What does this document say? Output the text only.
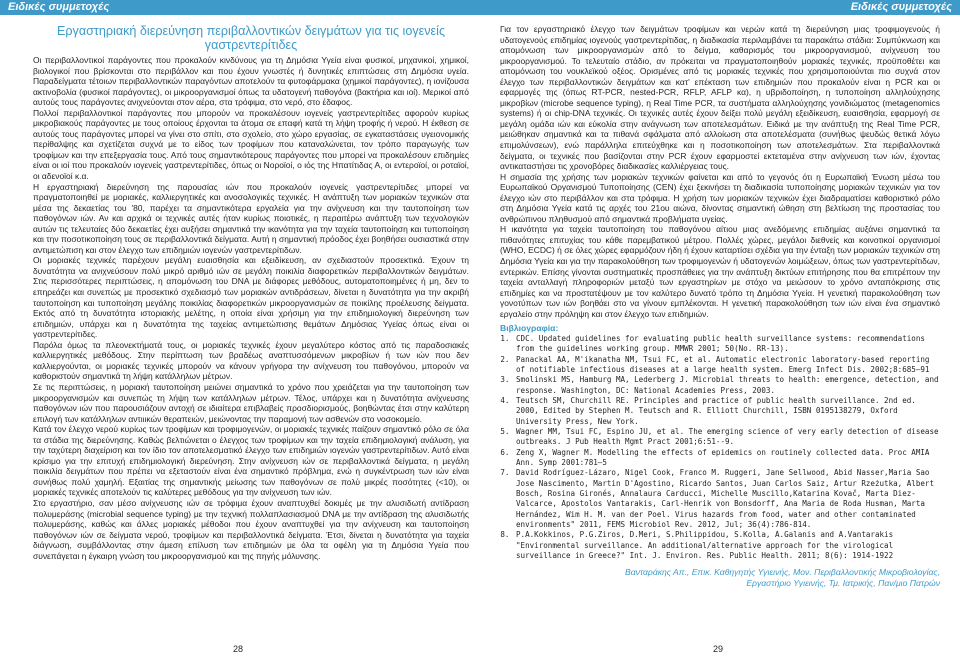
Ειδικές συμμετοχές	Ειδικές συμμετοχές
Εργαστηριακή διερεύνηση περιβαλλοντικών δειγμάτων για τις ιογενείς γαστρεντερίτιδες

Οι περιβαλλοντικοί παράγοντες που προκαλούν κινδύνους για τη Δημόσια Υγεία είναι φυσικοί, μηχανικοί, χημικοί, βιολογικοί που βρίσκονται στο περιβάλλον και που έχουν γνωστές ή δυνητικές επιπτώσεις στη Δημόσια υγεία. Παραδείγματα τέτοιων περιβαλλοντικών παραγόντων αποτελούν τα φυτοφάρμακα (χημικοί παράγοντες), η ιονίζουσα ακτινοβολία (φυσικοί παράγοντες), οι μικροοργανισμοί όπως τα υδατογενή παθογόνα (βακτήρια και ιοί). Μερικοί από αυτούς τους παράγοντες ανιχνεύονται στον αέρα, στα τρόφιμα, στο νερό, στο έδαφος.

Πολλοί περιβαλλοντικοί παράγοντες που μπορούν να προκαλέσουν ιογενείς γαστρεντερίτιδες αφορούν κυρίως μικροβιακούς παράγοντες με τους οποίους έρχονται τα άτομα σε επαφή κατά τη λήψη τροφής ή νερού. Η έκθεση σε αυτούς τους παράγοντες μπορεί να γίνει στο σπίτι, στο σχολείο, στο χώρο εργασίας, σε εγκαταστάσεις υγειονομικής περίθαλψης και σχετίζεται συχνά με το είδος των τροφίμων που καταναλώνεται, τον τρόπο παραγωγής των τροφίμων και την επεξεργασία τους. Από τους σημαντικότερους παράγοντες που μπορεί να προκαλέσουν επιδημίες είναι οι ιοί που προκαλούν ιογενείς γαστρεντερίτιδες, όπως οι Νοροϊοί, ο ιός της Ηπατίτιδας Α, οι εντεροϊοί, οι ροταϊοί, οι αδενοϊοί κ.α.

Η εργαστηριακή διερεύνηση της παρουσίας ιών που προκαλούν ιογενείς γαστρεντερίτιδες μπορεί να πραγματοποιηθεί με μοριακές, καλλιεργητικές και ανοσολογικές τεχνικές. Η ανάπτυξη των μοριακών τεχνικών στα μέσα της δεκαετίας του '80, παρέχει τα σημαντικότερα εργαλεία για την ανίχνευση και την ταυτοποίηση των παθογόνων ιών. Αν και αρχικά οι τεχνικές αυτές ήταν κυρίως ποιοτικές, η περαιτέρω ανάπτυξη των τεχνολογιών αυτών τις τελευταίες δύο δεκαετίες έχει αυξήσει σημαντικά την ικανότητα για την ταχεία ταυτοποίηση και τυποποίηση και την ποσοτικοποίηση τους σε περιβαλλοντικά δείγματα. Αυτή η σημαντική πρόοδος έχει βοηθήσει ουσιαστικά στην αντιμετώπιση και στον έλεγχο των επιδημιών ιογενών γαστρεντερίτιδων.

Οι μοριακές τεχνικές παρέχουν μεγάλη ευαισθησία και εξειδίκευση, αν σχεδιαστούν προσεκτικά. Έχουν τη δυνατότητα να ανιχνεύσουν πολύ μικρό αριθμό ιών σε μεγάλη ποικιλία διαφορετικών περιβαλλοντικών δειγμάτων. Στις περισσότερες περιπτώσεις, η απομόνωση του DNA με διάφορες μεθόδους, αυτοματοποιημένες ή μη, δεν το επηρεάζει και συνεπώς με προσεκτικό σχεδιασμό των μοριακών αντιδράσεων, δίνεται η δυνατότητα για την ακριβή ταυτοποίηση και τυποποίηση μεγάλης ποικιλίας διαφορετικών μικροοργανισμών σε ποικίλης προέλευσης δείγματα. Εκτός από τη δυνατότητα ιστοριακής μελέτης, η οποία είναι χρήσιμη για την επιδημιολογική διερεύνηση των επιδημιών, υπάρχει και η δυνατότητα της ταχείας αντιμετώπισης θεμάτων Δημόσιας Υγείας όπως είναι οι γαστρεντερίτιδες.

Παρόλα όμως τα πλεονεκτήματά τους, οι μοριακές τεχνικές έχουν μεγαλύτερο κόστος από τις παραδοσιακές καλλιεργητικές μεθόδους. Στην περίπτωση των βραδέως αναπτυσσόμενων μικροβίων ή των ιών που δεν καλλιεργούνται, οι μοριακές τεχνικές μπορούν να κάνουν γρήγορα την ανίχνευση του παθογόνου, μπορούν να καθοριστούν σημαντικά τη λήψη κατάλληλων μέτρων.

Σε τις περιπτώσεις, η μοριακή ταυτοποίηση μειώνει σημαντικά το χρόνο που χρειάζεται για την ταυτοποίηση των μικροοργανισμών και συνεπώς τη λήψη των κατάλληλων μέτρων. Τέλος, υπάρχει και η δυνατότητα ανίχνευσης παθογόνων ιών που παρουσιάζουν αντοχή σε ιδιαίτερα επιβλαβείς προσδιορισμούς, βοηθώντας έτσι στην καλύτερη επιλογή των κατάλληλων αντιιικών θεραπειών, μειώνοντας την παραμονή των ασθενών στο νοσοκομείο.

Κατά τον έλεγχο νερού κυρίως των τροφίμων και τροφιμογενών, οι μοριακές τεχνικές παίζουν σημαντικό ρόλο σε όλα τα στάδια της διερεύνησης. Καθώς βελτιώνεται ο έλεγχος των τροφίμων και την ταχεία επιδημιολογική ανάλυση, για την ταχύτερη διαχείριση και τον ίδιο τον αποτελεσματικό έλεγχο των επιδημιών ιογενών γαστρεντερίτιδων. Αυτό είναι κρίσιμο για την επιτυχή επιδημιολογική διερεύνηση. Στην ανίχνευση ιών σε περιβαλλοντικά δείγματα, η μεγάλη ποικιλία δειγμάτων που πρέπει να εξεταστούν είναι ένα σημαντικό πρόβλημα, ενώ η συγκέντρωση των ιών είναι συνήθως πολύ χαμηλή. Εξαιτίας της σημαντικής μείωσης των παθογόνων σε πολύ μικρές ποσότητες (<10), οι μοριακές τεχνικές αποτελούν τις καλύτερες μεθόδους για την ανίχνευση των ιών.

Στο εργαστήριο, σαν μέσο ανίχνευσης ιών σε τρόφιμα έχουν αναπτυχθεί δοκιμές με την αλυσιδωτή αντίδραση πολυμεράσης (microbial sequence typing) με την τεχνική πολλαπλασιασμού DNA με την αντίδραση της αλυσιδωτής πολυμεράσης, καθώς και άλλες μοριακές μέθοδοι που έχουν αναπτυχθεί για την ανίχνευση και ταυτοποίηση παθογόνων ιών σε δείγματα νερού, τροφίμων και περιβαλλοντικά δείγματα. Έτσι, δίνεται η δυνατότητα για ταχεία διάγνωση, συμβάλλοντας στην άμεση επίλυση των επιδημιών με όλα τα οφέλη για τη Δημόσια Υγεία που συνεπάγεται η έγκαιρη γνώση του μικροοργανισμού και της πηγής μόλυνσης.

Για τον εργαστηριακό έλεγχο των δειγμάτων τροφίμων και νερών κατά τη διερεύνηση μιας τροφιμογενούς ή υδατογενούς επιδημίας ιογενούς γαστρεντερίτιδας, η διαδικασία περιλαμβάνει τα παρακάτω στάδια: Συμπύκνωση και απομόνωση των μικροοργανισμών από το δείγμα, καθαρισμός του μικροοργανισμού, ανίχνευση του μικροοργανισμού. Το τελευταίο στάδιο, αν πρόκειται να πραγματοποιηθούν μοριακές τεχνικές, προϋποθέτει και απομόνωση του νουκλεϊκού οξέος. Ορισμένες από τις μοριακές τεχνικές που χρησιμοποιούνται πιο συχνά στον έλεγχο των περιβαλλοντικών δειγμάτων και κατ' επέκταση των επιδημιών που προκαλούν είναι η PCR και οι εφαρμογές της (όπως RT-PCR, nested-PCR, RFLP, AFLP κα), η υβριδοποίηση, η τυποποίηση αλληλούχησης μικροβίων (microbe sequence typing), η Real Time PCR, τα συστήματα αλληλούχησης γονιδιώματος (metagenomics systems) ή οι chip-DNA τεχνικές. Οι τεχνικές αυτές έχουν δείξει πολύ μεγάλη εξειδίκευση, ευαισθησία, εφαρμογή σε μεγάλη ομάδα ιών και εύκολία στην ανάγνωση των αποτελεσμάτων. Ειδικά με την ανάπτυξη της Real Time PCR, μειώθηκαν σημαντικά και τα πιθανά σφάλματα από αλλοίωση στα αποτελέσματα (συνήθως ψευδώς θετικά λόγω επιμολύνσεων), ενώ παράλληλα επιτεύχθηκε και η ποσοτικοποίηση των αποτελεσμάτων. Στα περιβαλλοντικά δείγματα, οι τεχνικές που βασίζονται στην PCR έχουν εφαρμοστεί εκτεταμένα στην ανίχνευση των ιών, έχοντας αντικαταστήσει τις χρονοβόρες διαδικασίες καλλιέργειας τους.

Η σημασία της χρήσης των μοριακών τεχνικών φαίνεται και από το γεγονός ότι η Ευρωπαϊκή Ένωση μέσω του Ευρωπαϊκού Οργανισμού Τυποποίησης (CEN) έχει ξεκινήσει τη διαδικασία τυποποίησης μοριακών τεχνικών για τον έλεγχο ιών στο περιβάλλον και στα τρόφιμα. Η χρήση των μοριακών τεχνικών έχει διαδραματίσει καθοριστικό ρόλο στη Δημόσια Υγεία κατά τις αρχές του 21ου αιώνα, δίνοντας σημαντική ώθηση στη βελτίωση της προστασίας του ανθρώπινου πληθυσμού από σημαντικά προβλήματα υγείας.

Η ικανότητα για ταχεία ταυτοποίηση του παθογόνου αίτιου μιας ανεδόμενης επιδημίας αυξάνει σημαντικά τα πιθανότητες επιτυχίας του κάθε παρεμβατικού μέτρου. Πολλές χώρες, μεγάλοι διεθνείς και κοινοτικοί οργανισμοί (WHO, ECDC) ή σε όλες χώρες εφαρμόζουν ήδη ή έχουν καταρτίσει σχέδια για την ένταξη των μοριακών τεχνικών στη Δημόσια Υγεία και για την παρακολούθηση των τροφιμογενών ή υδατογενών λοιμώξεων, όπως των γαστρεντερίτιδων, εντερικών. Επίσης γίνονται συστηματικές προσπάθειες για την ανάπτυξη δικτύων επιτήρησης που θα επιτρέπουν την ταχεία ανταλλαγή πληροφοριών μεταξύ των εργαστηρίων με στόχο να μειώσουν το χρόνο ανταπόκρισης στις επιδημίες και να προστατέψουν με τον καλύτερο δυνατό τρόπο τη Δημόσια Υγεία. Η γενετική παρακολούθηση των γονοτύπων των ιών βοηθάει στο να γίνουν εμπλέκονται. Η γενετική παρακολούθηση των ιών είναι ένα σημαντικό εργαλείο στην πρόληψη και στον έλεγχο των επιδημιών.

Βιβλιογραφία:
1. CDC. Updated guidelines for evaluating public health surveillance systems: recommendations from the guidelines working group. MMWR 2001; 50(No. RR-13).
2. Panackal AA, M'ikanatha NM, Tsui FC, et al. Automatic electronic laboratory-based reporting of notifiable infectious diseases at a large health system. Emerg Infect Dis. 2002;8:685—91
3. Smolinski MS, Hamburg MA, Lederberg J. Microbial threats to health: emergence, detection, and response. Washington, DC: National Academies Press, 2003.
4. Teutsch SM, Churchill RE. Principles and practice of public health surveillance. 2nd ed. 2000, Edited by Stephen M. Teutsch and R. Elliott Churchill, ISBN 0195138279, Oxford University Press, New York.
5. Wagner MM, Tsui FC, Espino JU, et al. The emerging science of very early detection of disease outbreaks. J Pub Health Mgmt Pract 2001;6:51--9.
6. Zeng X, Wagner M. Modelling the effects of epidemics on routinely collected data. Proc AMIA Ann. Symp 2001:781—5
7. David Rodríguez-Lázaro, Nigel Cook, Franco M. Ruggeri, Jane Sellwood, Abid Nasser,Maria Sao Jose Nascimento, Martin D'Agostino, Ricardo Santos, Juan Carlos Saiz, Artur Rzeżutka, Albert Bosch, Rosina Gironés, Annalaura Carducci, Michelle Muscillo,Katarina Kovač, Marta Diez-Valcarce, Apostolos Vantarakis, Carl-Henrik von Bonsdorff, Ana Maria de Roda Husman, Marta Hernández, Wim H. M. van der Poel. Virus hazards from food, water and other contaminated environments" 2011, FEMS Microbiol Rev. 2012, Jul; 36(4):786-814.
8. P.A.Kokkinos, P.G.Ziros, D.Meri, S.Philippidou, S.Kolla, A.Galanis and A.Vantarakis "Environmental surveillance. An additional/alternative approach for the virological surveillance in Greece?" Int. J. Environ. Res. Public Health. 2011; 8(6): 1914-1922
Βανταράκης Απ., Επικ. Καθηγητής Υγιεινής, Μον. Περιβαλλοντικής Μικροβιολογίας,
Εργαστήριο Υγιεινής, Τμ. Ιατρικής, Παν/μιο Πατρών
28	29
